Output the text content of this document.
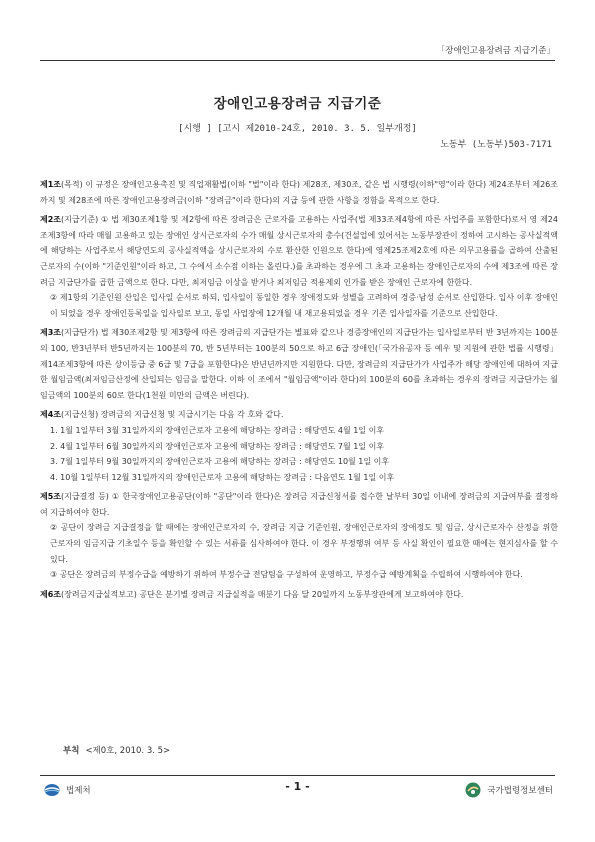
「장애인고용장려금 지급기준」
장애인고용장려금 지급기준
[시행 ] [고시 제2010-24호, 2010. 3. 5. 일부개정]
노동부 (노동부)503-7171
제1조(목적) 이 규정은 장애인고용촉진 및 직업재활법(이하 "법"이라 한다) 제28조, 제30조, 같은 법 시행령(이하"영"이라 한다) 제24조부터 제26조까지 및 제28조에 따른 장애인고용장려금(이하 "장려금"이라 한다)의 지급 등에 관한 사항을 정함을 목적으로 한다.
제2조(지급기준) ① 법 제30조제1항 및 제2항에 따른 장려금은 근로자를 고용하는 사업주(법 제33조제4항에 따른 사업주를 포함한다)로서 영 제24조제3항에 따라 매월 고용하고 있는 장애인 상시근로자의 수가 매월 상시근로자의 총수(건설업에 있어서는 노동부장관이 정하여 고시하는 공사실적액에 해당하는 사업주로서 해당연도의 공사실적액을 상시근로자의 수로 환산한 인원으로 한다)에 영제25조제2호에 따른 의무고용률을 곱하여 산출된 근로자의 수(이하 "기준인원"이라 하고, 그 수에서 소수점 이하는 올린다.)를 초과하는 경우에 그 초과 고용하는 장애인근로자의 수에 제3조에 따른 장려금 지급단가를 곱한 금액으로 한다. 다만, 최저임금 이상을 받거나 최저임금 적용제외 인가를 받은 장애인 근로자에 한한다.
② 제1항의 기준인원 산입은 입사일 순서로 하되, 입사일이 동일한 경우 장애정도와 성별을 고려하여 경증·남성 순서로 산입한다. 입사 이후 장애인이 되었을 경우 장애인등록일을 입사일로 보고, 동일 사업장에 12개월 내 재고용되었을 경우 기존 입사일자를 기준으로 산입한다.
제3조(지급단가) 법 제30조제2항 및 제3항에 따른 장려금의 지급단가는 별표와 같으나 경증장애인의 지급단가는 입사일로부터 반 3년까지는 100분의 100, 반3년부터 반5년까지는 100분의 70, 반 5년부터는 100분의 50으로 하고 6급 장애인(「국가유공자 등 예우 및 지원에 관한 법률 시행령」제14조제3항에 따른 상이등급 중 6급 및 7급을 포함한다)은 반년년까지만 지원한다. 다만, 장려금의 지급단가가 사업주가 해당 장애인에 대하여 지급한 월임금액(최저임금산정에 산입되는 임금을 말한다. 이하 이 조에서 "월임금액"이라 한다)의 100분의 60를 초과하는 경우의 장려금 지급단가는 월임금액의 100분의 60로 한다(1천원 미만의 금액은 버린다).
제4조(지급신청) 장려금의 지급신청 및 지급시기는 다음 각 호와 같다.
1. 1월 1일부터 3월 31일까지의 장애인근로자 고용에 해당하는 장려금 : 해당연도 4월 1일 이후
2. 4월 1일부터 6월 30일까지의 장애인근로자 고용에 해당하는 장려금 : 해당연도 7월 1일 이후
3. 7월 1일부터 9월 30일까지의 장애인근로자 고용에 해당하는 장려금 : 해당연도 10월 1일 이후
4. 10월 1일부터 12월 31일까지의 장애인근로자 고용에 해당하는 장려금 : 다음연도 1월 1일 이후
제5조(지급결정 등) ① 한국장애인고용공단(이하 "공단"이라 한다)은 장려금 지급신청서를 접수한 날부터 30일 이내에 장려금의 지급여부를 결정하여 지급하여야 한다.
② 공단이 장려금 지급결정을 할 때에는 장애인근로자의 수, 장려금 지급 기준인원, 장애인근로자의 장애정도 및 임금, 상시근로자수 산정을 위한 근로자의 임금지급 기초일수 등을 확인할 수 있는 서류를 심사하여야 한다. 이 경우 부정행위 여부 등 사실 확인이 필요한 때에는 현지심사를 할 수 있다.
③ 공단은 장려금의 부정수급을 예방하기 위하여 부정수급 전담팀을 구성하여 운영하고, 부정수급 예방계획을 수립하여 시행하여야 한다.
제6조(장려금지급실적보고) 공단은 분기별 장려금 지급실적을 매분기 다음 달 20일까지 노동부장관에게 보고하여야 한다.
부칙 <제0호, 2010. 3. 5>
법제처	- 1 -	국가법령정보센터
